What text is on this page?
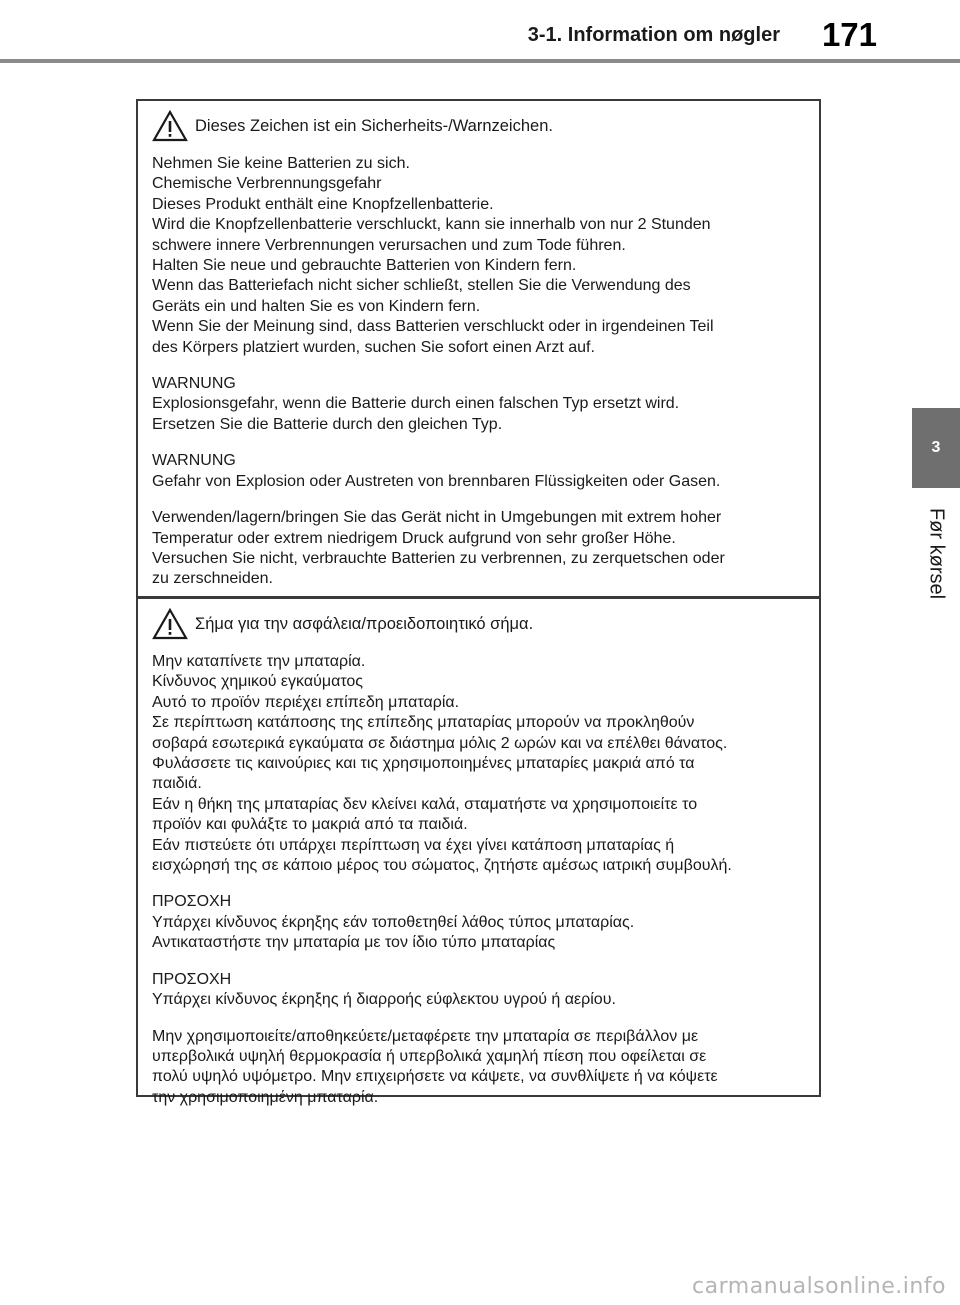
3-1. Information om nøgler 171
3
Før kørsel
Dieses Zeichen ist ein Sicherheits-/Warnzeichen.
Nehmen Sie keine Batterien zu sich.
Chemische Verbrennungsgefahr
Dieses Produkt enthält eine Knopfzellenbatterie.
Wird die Knopfzellenbatterie verschluckt, kann sie innerhalb von nur 2 Stunden
schwere innere Verbrennungen verursachen und zum Tode führen.
Halten Sie neue und gebrauchte Batterien von Kindern fern.
Wenn das Batteriefach nicht sicher schließt, stellen Sie die Verwendung des
Geräts ein und halten Sie es von Kindern fern.
Wenn Sie der Meinung sind, dass Batterien verschluckt oder in irgendeinen Teil
des Körpers platziert wurden, suchen Sie sofort einen Arzt auf.
WARNUNG
Explosionsgefahr, wenn die Batterie durch einen falschen Typ ersetzt wird.
Ersetzen Sie die Batterie durch den gleichen Typ.
WARNUNG
Gefahr von Explosion oder Austreten von brennbaren Flüssigkeiten oder Gasen.
Verwenden/lagern/bringen Sie das Gerät nicht in Umgebungen mit extrem hoher
Temperatur oder extrem niedrigem Druck aufgrund von sehr großer Höhe.
Versuchen Sie nicht, verbrauchte Batterien zu verbrennen, zu zerquetschen oder
zu zerschneiden.
Σήμα για την ασφάλεια/προειδοποιητικό σήμα.
Μην καταπίνετε την μπαταρία.
Κίνδυνος χημικού εγκαύματος
Αυτό το προϊόν περιέχει επίπεδη μπαταρία.
Σε περίπτωση κατάποσης της επίπεδης μπαταρίας μπορούν να προκληθούν
σοβαρά εσωτερικά εγκαύματα σε διάστημα μόλις 2 ωρών και να επέλθει θάνατος.
Φυλάσσετε τις καινούριες και τις χρησιμοποιημένες μπαταρίες μακριά από τα
παιδιά.
Εάν η θήκη της μπαταρίας δεν κλείνει καλά, σταματήστε να χρησιμοποιείτε το
προϊόν και φυλάξτε το μακριά από τα παιδιά.
Εάν πιστεύετε ότι υπάρχει περίπτωση να έχει γίνει κατάποση μπαταρίας ή
εισχώρησή της σε κάποιο μέρος του σώματος, ζητήστε αμέσως ιατρική συμβουλή.
ΠΡΟΣΟΧΗ
Υπάρχει κίνδυνος έκρηξης εάν τοποθετηθεί λάθος τύπος μπαταρίας.
Αντικαταστήστε την μπαταρία με τον ίδιο τύπο μπαταρίας
ΠΡΟΣΟΧΗ
Υπάρχει κίνδυνος έκρηξης ή διαρροής εύφλεκτου υγρού ή αερίου.
Μην χρησιμοποιείτε/αποθηκεύετε/μεταφέρετε την μπαταρία σε περιβάλλον με
υπερβολικά υψηλή θερμοκρασία ή υπερβολικά χαμηλή πίεση που οφείλεται σε
πολύ υψηλό υψόμετρο. Μην επιχειρήσετε να κάψετε, να συνθλίψετε ή να κόψετε
την χρησιμοποιημένη μπαταρία.
carmanualsonline.info
